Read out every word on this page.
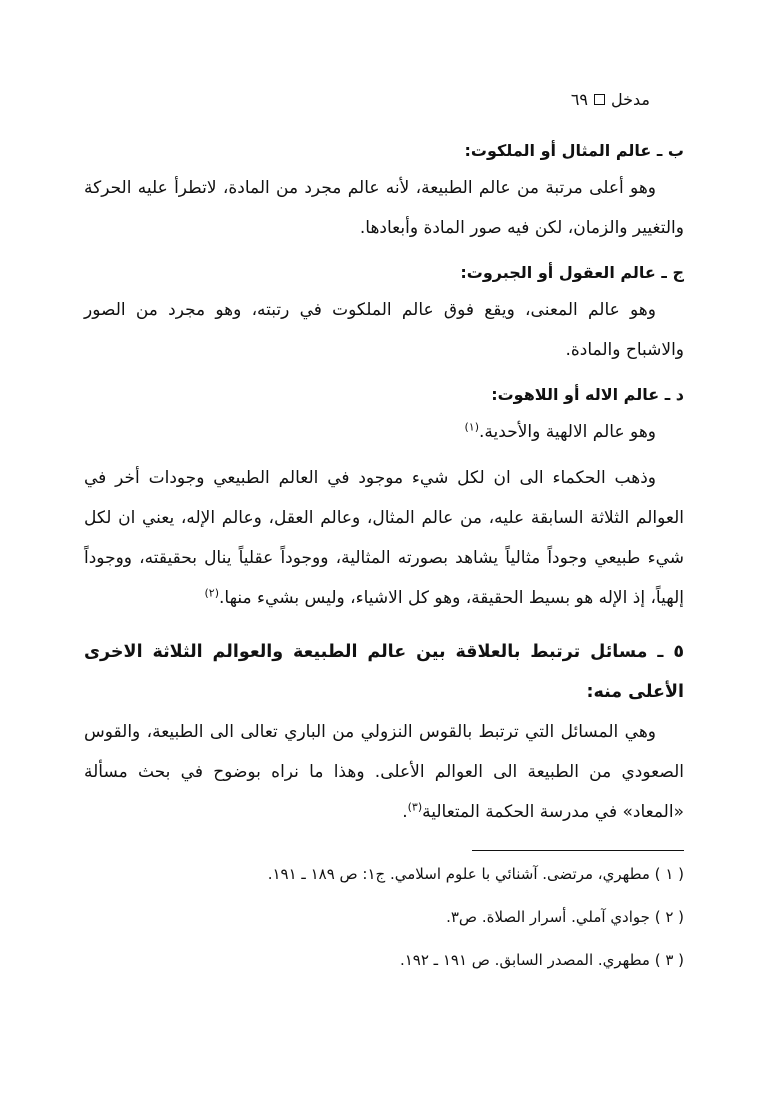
مدخل
٦٩

ب ـ عالم المثال أو الملكوت:

وهو أعلى مرتبة من عالم الطبيعة، لأنه عالم مجرد من المادة، لاتطرأ عليه الحركة والتغيير والزمان، لكن فيه صور المادة وأبعادها.

ج ـ عالم العقول أو الجبروت:

وهو عالم المعنى، ويقع فوق عالم الملكوت في رتبته، وهو مجرد من الصور والاشباح والمادة.

د ـ عالم الاله أو اللاهوت:

وهو عالم الالهية والأحدية.$^{(١)}$

وذهب الحكماء الى ان لكل شيء موجود في العالم الطبيعي وجودات أخر في العوالم الثلاثة السابقة عليه، من عالم المثال، وعالم العقل، وعالم الإله، يعني ان لكل شيء طبيعي وجوداً مثالياً يشاهد بصورته المثالية، ووجوداً عقلياً ينال بحقيقته، ووجوداً إلهياً، إذ الإله هو بسيط الحقيقة، وهو كل الاشياء، وليس بشيء منها.$^{(٢)}$

٥ ـ مسائل ترتبط بالعلاقة بين عالم الطبيعة والعوالم الثلاثة الاخرى الأعلى منه:

وهي المسائل التي ترتبط بالقوس النزولي من الباري تعالى الى الطبيعة، والقوس الصعودي من الطبيعة الى العوالم الأعلى. وهذا ما نراه بوضوح في بحث مسألة «المعاد» في مدرسة الحكمة المتعالية$^{(٣)}$.

( ١ ) مطهري، مرتضى. آشنائي با علوم اسلامي. ج١: ص ١٨٩ ـ ١٩١.

( ٢ ) جوادي آملي. أسرار الصلاة. ص٣.

( ٣ ) مطهري. المصدر السابق. ص ١٩١ ـ ١٩٢.
